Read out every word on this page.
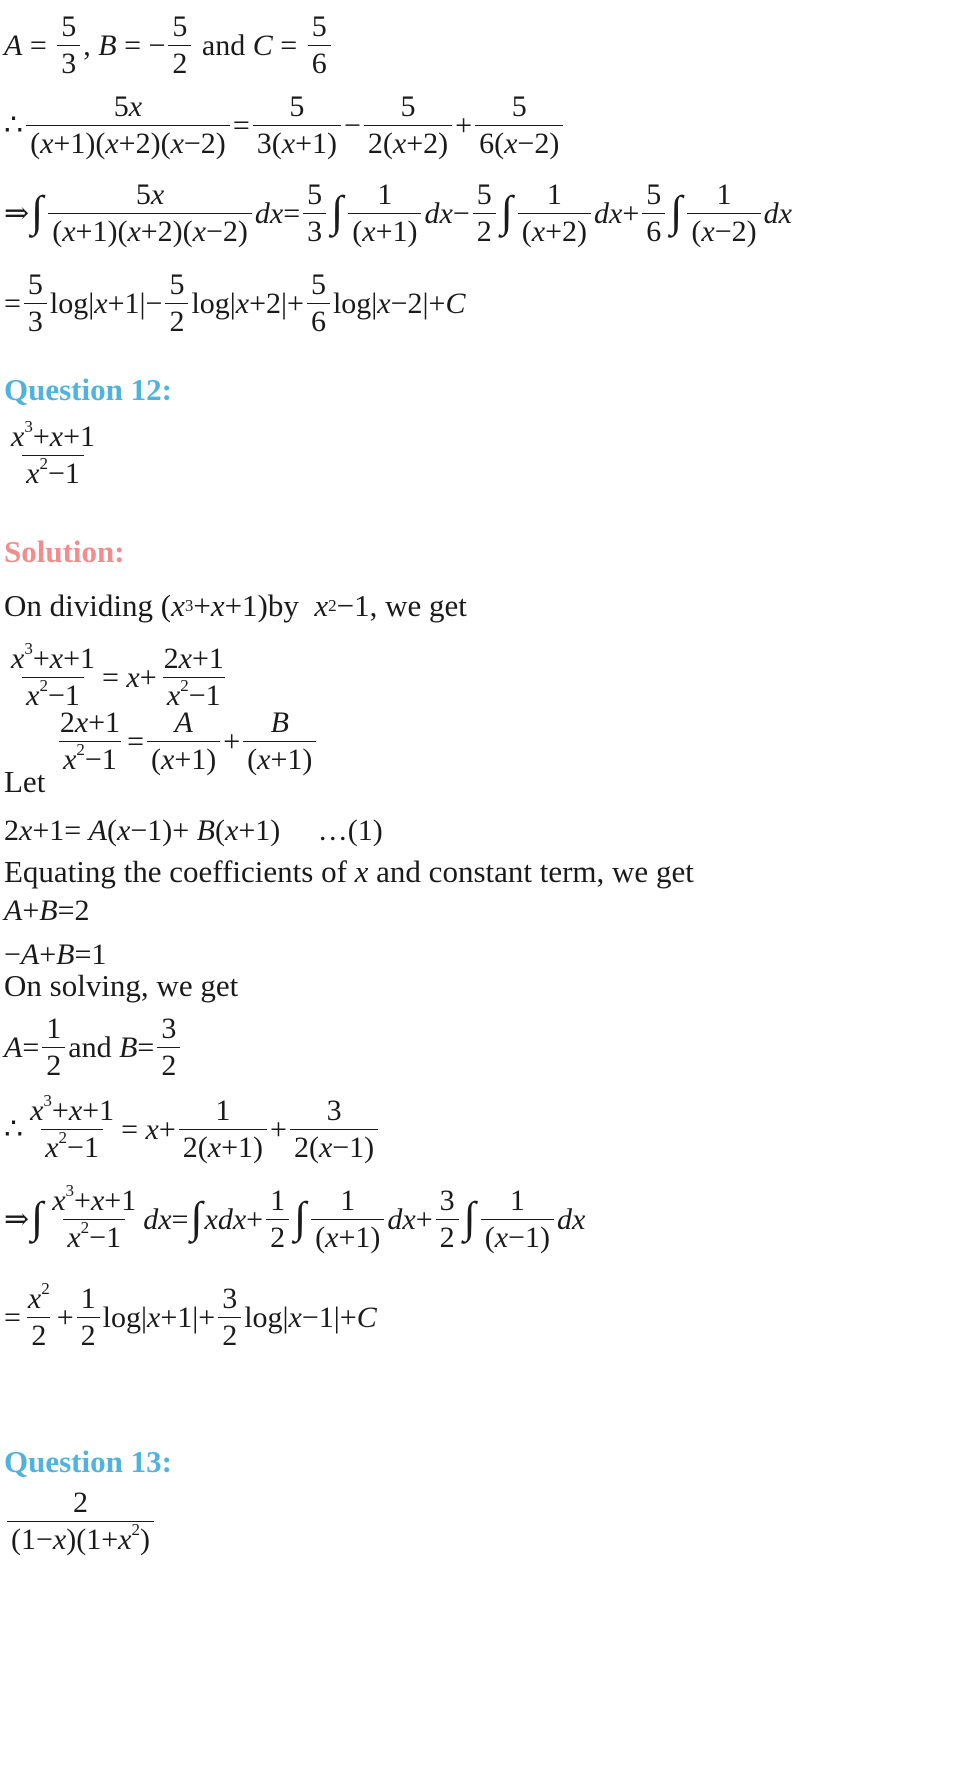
$A = \frac{5}{3}$ , B = − $\frac{5}{2}$
and
$C = \frac{5}{6}$
∴ $\frac{5x}{(x+1)(x+2)(x-2)} = \frac{5}{3(x+1)} - \frac{5}{2(x+2)} + \frac{5}{6(x-2)}$
⇒ ∫ $\frac{5x}{(x+1)(x+2)(x-2)}$ dx = $\frac{5}{3}$ ∫ $\frac{1}{(x+1)}$ dx − $\frac{5}{2}$ ∫ $\frac{1}{(x+2)}$ dx + $\frac{5}{6}$ ∫ $\frac{1}{(x-2)}$ dx
= $\frac{5}{3} \log|$ $x +1|- \frac{5}{2} \log|$ $x +2|+ \frac{5}{6} \log|$ x −2|+ C
Question 12:
$\frac{x^3+x+1}{x^2-1}$
Solution:
On dividing ( x 3 + x +1) by
x 2 −1 , we get
$\frac{x^3+x+1}{x^2-1} = x + \frac{2x+1}{x^2-1}$
Let

$\frac{2x+1}{x^2-1} = \frac{A}{(x+1)} + \frac{B}{(x+1)}$
2 x +1= A ( x −1)+ B ( x +1) …(1)
Equating the coefficients of
x
and constant term, we get
A + B =2
− A + B =1
On solving, we get
$A = \frac{1}{2}$ and
$B = \frac{3}{2}$
∴ $\frac{x^3+x+1}{x^2-1} = x + \frac{1}{2(x+1)} + \frac{3}{2(x-1)}$
⇒ ∫ $\frac{x^3+x+1}{x^2-1}$ dx = ∫ xdx + $\frac{1}{2}$ ∫ $\frac{1}{(x+1)}$ dx + $\frac{3}{2}$ ∫ $\frac{1}{(x-1)}$ dx
= $\frac{x^2}{2} + \frac{1}{2} \log|$ $x +1|+ \frac{3}{2} \log|$ x −1|+ C
Question 13:
$\frac{2}{(1-x)(1+x^2)}$
